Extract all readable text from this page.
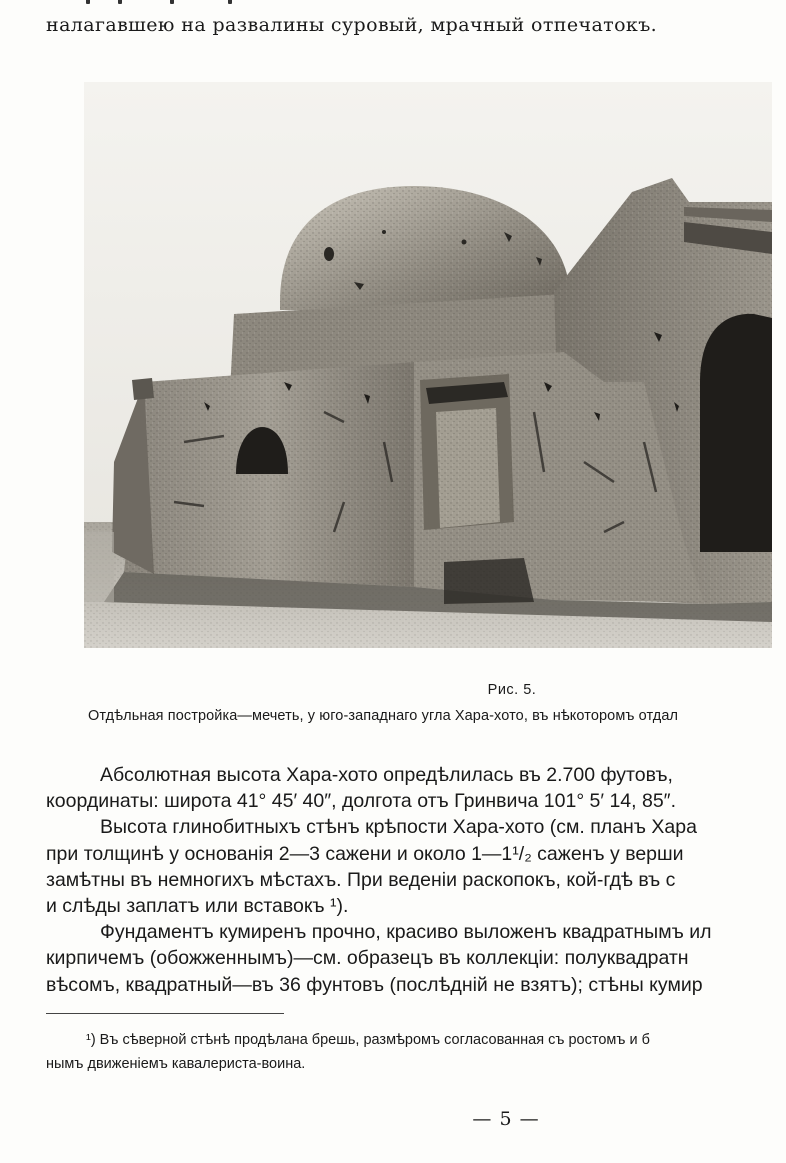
налагавшею на развалины суровый, мрачный отпечатокъ.
Рис. 5.
Отдѣльная постройка—мечеть, у юго-западнаго угла Хара-хото, въ нѣкоторомъ отдал
Абсолютная высота Хара-хото опредѣлилась въ 2.700 футовъ,
координаты: широта 41° 45′ 40″, долгота отъ Гринвича 101° 5′ 14, 85″.
Высота глинобитныхъ стѣнъ крѣпости Хара-хото (см. планъ Хара
при толщинѣ у основанія 2—3 сажени и около 1—1¹/₂ саженъ у верши
замѣтны въ немногихъ мѣстахъ. При веденіи раскопокъ, кой-гдѣ въ с
и слѣды заплатъ или вставокъ ¹).
Фундаментъ кумиренъ прочно, красиво выложенъ квадратнымъ ил
кирпичемъ (обожженнымъ)—см. образецъ въ коллекціи: полуквадратн
вѣсомъ, квадратный—въ 36 фунтовъ (послѣдній не взятъ); стѣны кумир
¹) Въ сѣверной стѣнѣ продѣлана брешь, размѣромъ согласованная съ ростомъ и б
нымъ движеніемъ кавалериста-воина.
— 5 —
